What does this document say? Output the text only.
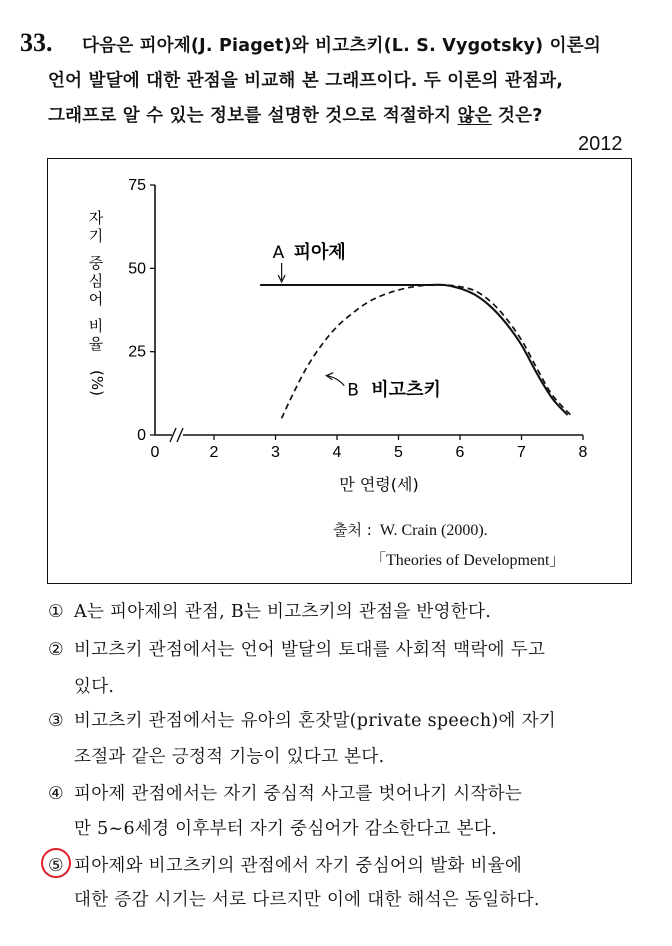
33. 다음은 피아제(J. Piaget)와 비고츠키(L. S. Vygotsky) 이론의
언어 발달에 대한 관점을 비교해 본 그래프이다. 두 이론의 관점과,
그래프로 알 수 있는 정보를 설명한 것으로 적절하지 않은 것은?
2012
0	2	3	4	5	6	7	8
0
25
50
75
자 기 중 심 어 비 율
(%)
만 연령(세)
A 피아제
B 비고츠키
출처 : W. Crain (2000).
「Theories of Development」
① A는 피아제의 관점, B는 비고츠키의 관점을 반영한다.
② 비고츠키 관점에서는 언어 발달의 토대를 사회적 맥락에 두고
있다.
③ 비고츠키 관점에서는 유아의 혼잣말(private speech)에 자기
조절과 같은 긍정적 기능이 있다고 본다.
④ 피아제 관점에서는 자기 중심적 사고를 벗어나기 시작하는
만 5~6세경 이후부터 자기 중심어가 감소한다고 본다.
⑤ 피아제와 비고츠키의 관점에서 자기 중심어의 발화 비율에
대한 증감 시기는 서로 다르지만 이에 대한 해석은 동일하다.
